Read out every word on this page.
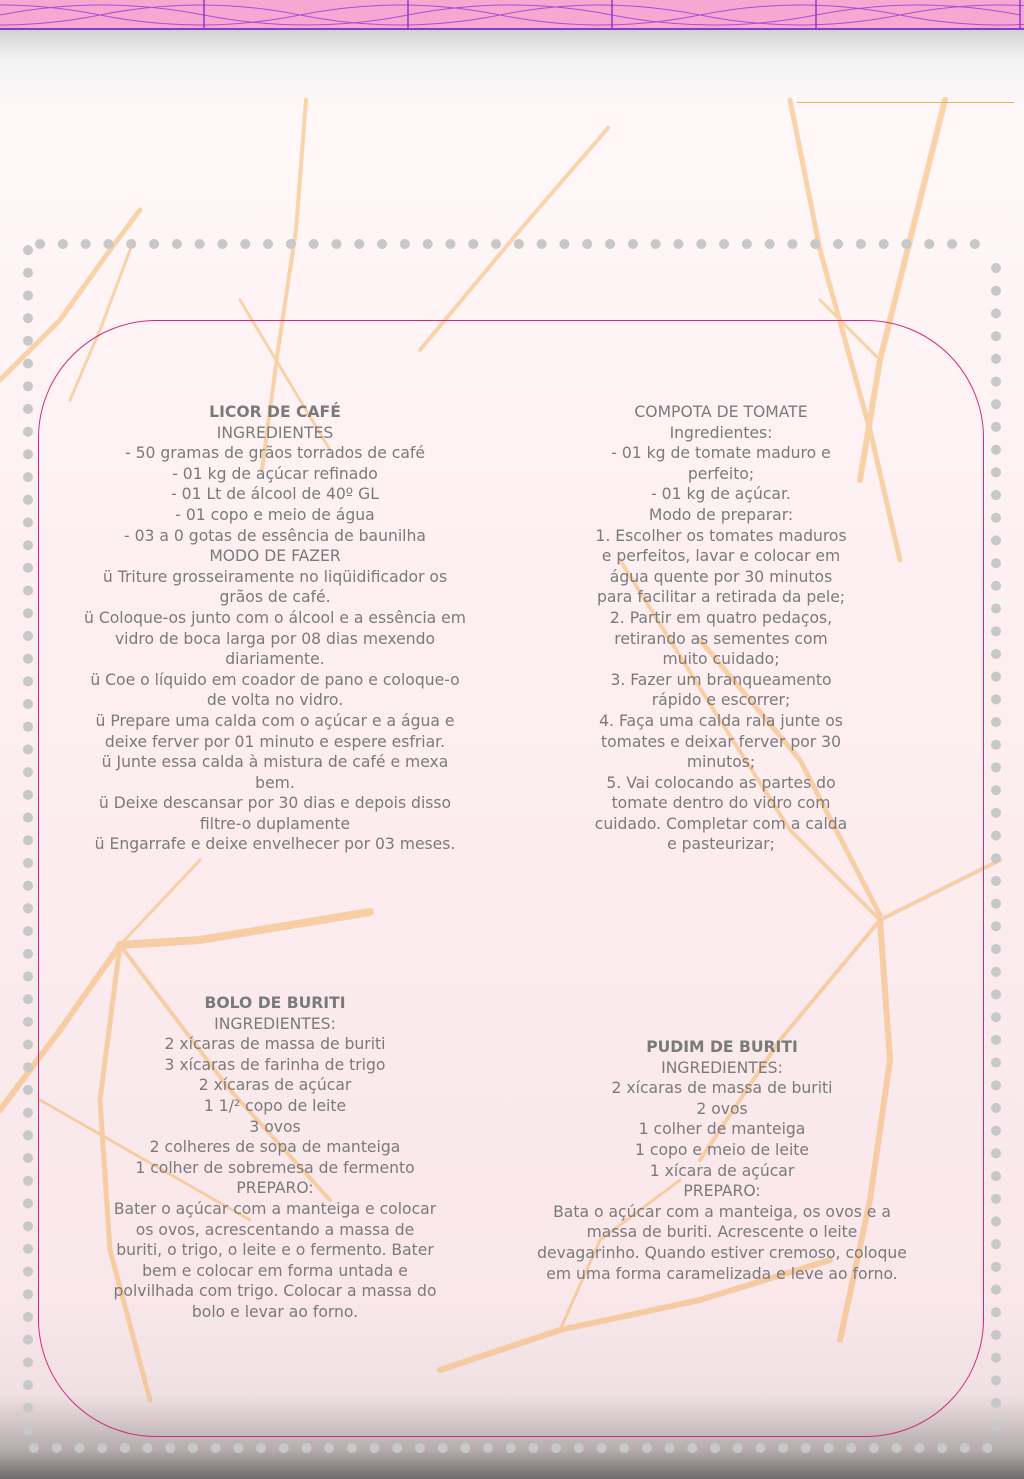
LICOR DE CAFÉ
INGREDIENTES
- 50 gramas de grãos torrados de café
- 01 kg de açúcar refinado
- 01 Lt de álcool de 40º GL
- 01 copo e meio de água
- 03 a 0 gotas de essência de baunilha
MODO DE FAZER
ü Triture grosseiramente no liqüidificador os
grãos de café.
ü Coloque-os junto com o álcool e a essência em
vidro de boca larga por 08 dias mexendo
diariamente.
ü Coe o líquido em coador de pano e coloque-o
de volta no vidro.
ü Prepare uma calda com o açúcar e a água e
deixe ferver por 01 minuto e espere esfriar.
ü Junte essa calda à mistura de café e mexa
bem.
ü Deixe descansar por 30 dias e depois disso
filtre-o duplamente
ü Engarrafe e deixe envelhecer por 03 meses.
COMPOTA DE TOMATE
Ingredientes:
- 01 kg de tomate maduro e
perfeito;
- 01 kg de açúcar.
Modo de preparar:
1. Escolher os tomates maduros
e perfeitos, lavar e colocar em
água quente por 30 minutos
para facilitar a retirada da pele;
2. Partir em quatro pedaços,
retirando as sementes com
muito cuidado;
3. Fazer um branqueamento
rápido e escorrer;
4. Faça uma calda rala junte os
tomates e deixar ferver por 30
minutos;
5. Vai colocando as partes do
tomate dentro do vidro com
cuidado. Completar com a calda
e pasteurizar;
BOLO DE BURITI
INGREDIENTES:
2 xícaras de massa de buriti
3 xícaras de farinha de trigo
2 xícaras de açúcar
1 1/² copo de leite
3 ovos
2 colheres de sopa de manteiga
1 colher de sobremesa de fermento
PREPARO:
Bater o açúcar com a manteiga e colocar
os ovos, acrescentando a massa de
buriti, o trigo, o leite e o fermento. Bater
bem e colocar em forma untada e
polvilhada com trigo. Colocar a massa do
bolo e levar ao forno.
PUDIM DE BURITI
INGREDIENTES:
2 xícaras de massa de buriti
2 ovos
1 colher de manteiga
1 copo e meio de leite
1 xícara de açúcar
PREPARO:
Bata o açúcar com a manteiga, os ovos e a
massa de buriti. Acrescente o leite
devagarinho. Quando estiver cremoso, coloque
em uma forma caramelizada e leve ao forno.
